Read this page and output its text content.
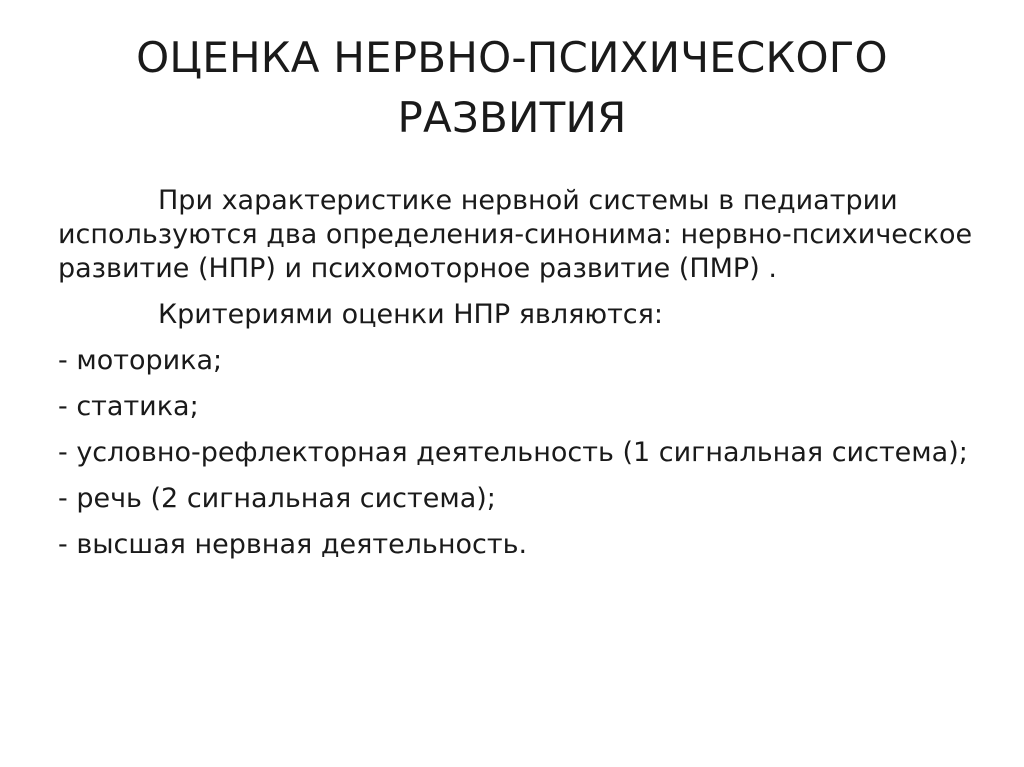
ОЦЕНКА НЕРВНО-ПСИХИЧЕСКОГО
РАЗВИТИЯ

При характеристике нервной системы в педиатрии используются два определения-синонима: нервно-психическое развитие (НПР) и психомоторное развитие (ПМР) .

Критериями оценки НПР являются:

- моторика;

- статика;

- условно-рефлекторная деятельность (1 сигнальная система);

- речь (2 сигнальная система);

- высшая нервная деятельность.
